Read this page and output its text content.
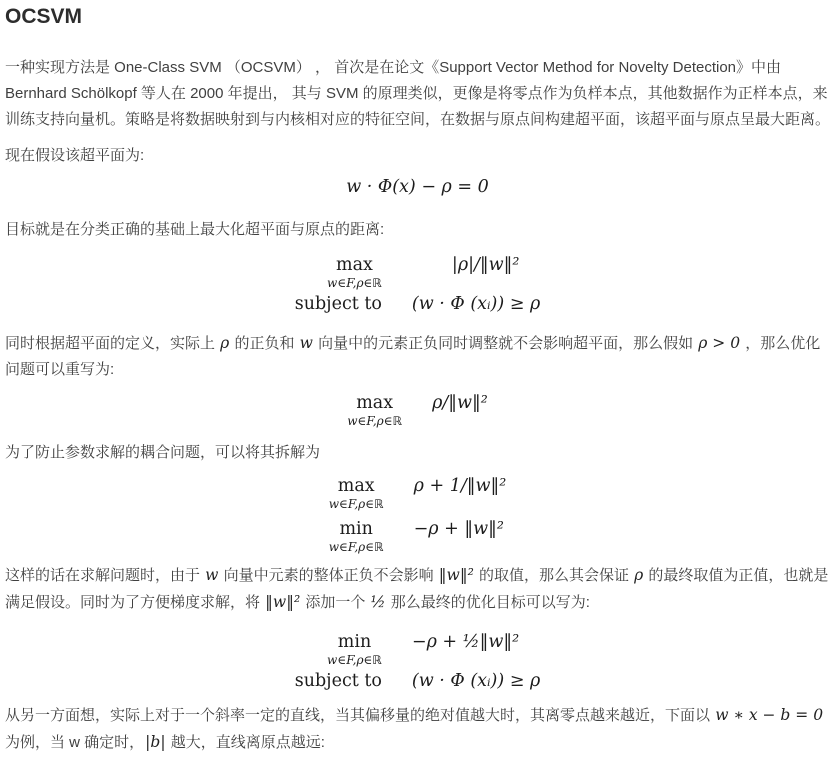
OCSVM

一种实现方法是 One-Class SVM （OCSVM） ， 首次是在论文《Support Vector Method for Novelty Detection》中由 Bernhard Schölkopf 等人在 2000 年提出， 其与 SVM 的原理类似，更像是将零点作为负样本点，其他数据作为正样本点，来训练支持向量机。策略是将数据映射到与内核相对应的特征空间，在数据与原点间构建超平面，该超平面与原点呈最大距离。

现在假设该超平面为:

w · Φ(x) − ρ = 0

目标就是在分类正确的基础上最大化超平面与原点的距离:

max
w∈F,ρ∈ℝ
|ρ|/‖w‖²
subject to (w · Φ (xᵢ)) ≥ ρ

同时根据超平面的定义，实际上 ρ 的正负和 w 向量中的元素正负同时调整就不会影响超平面，那么假如 ρ > 0 ，那么优化问题可以重写为:

max
w∈F,ρ∈ℝ
ρ/‖w‖²

为了防止参数求解的耦合问题，可以将其拆解为

max
w∈F,ρ∈ℝ
ρ + 1/‖w‖²
min
w∈F,ρ∈ℝ
−ρ + ‖w‖²

这样的话在求解问题时，由于 w 向量中元素的整体正负不会影响 ‖w‖² 的取值，那么其会保证 ρ 的最终取值为正值，也就是满足假设。同时为了方便梯度求解，将 ‖w‖² 添加一个 ½ 那么最终的优化目标可以写为:

min
w∈F,ρ∈ℝ
−ρ + ½‖w‖²
subject to (w · Φ (xᵢ)) ≥ ρ

从另一方面想，实际上对于一个斜率一定的直线，当其偏移量的绝对值越大时，其离零点越来越近，下面以 w ∗ x − b = 0 为例，当 w 确定时，|b| 越大，直线离原点越远:
